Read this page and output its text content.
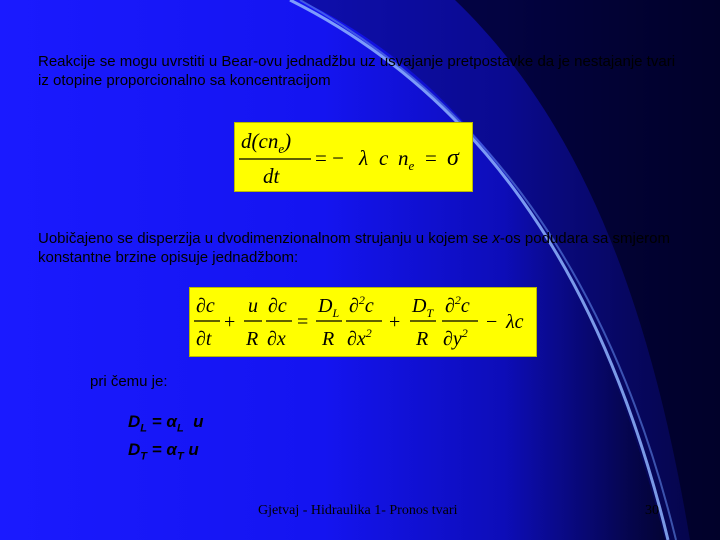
Reakcije se mogu uvrstiti u Bear-ovu jednadžbu uz usvajanje pretpostavke da je nestajanje tvari iz otopine proporcionalno sa koncentracijom
$d(cn_e)$
dt
= − λ c $n_e = \sigma$
Uobičajeno se disperzija u dvodimenzionalnom strujanju u kojem se x-os podudara sa smjerom konstantne brzine opisuje jednadžbom:
∂c
∂t
+
u
R
∂c
∂x
=
$D_L$
R
∂$^2$c
$\partial x^2$ +
$D_T$
R
∂$^2$c
$\partial y^2 - \lambda c$
pri čemu je:
$D_L = \alpha_L$ u
$D_T = \alpha_T$ u
Gjetvaj - Hidraulika 1- Pronos tvari	30
